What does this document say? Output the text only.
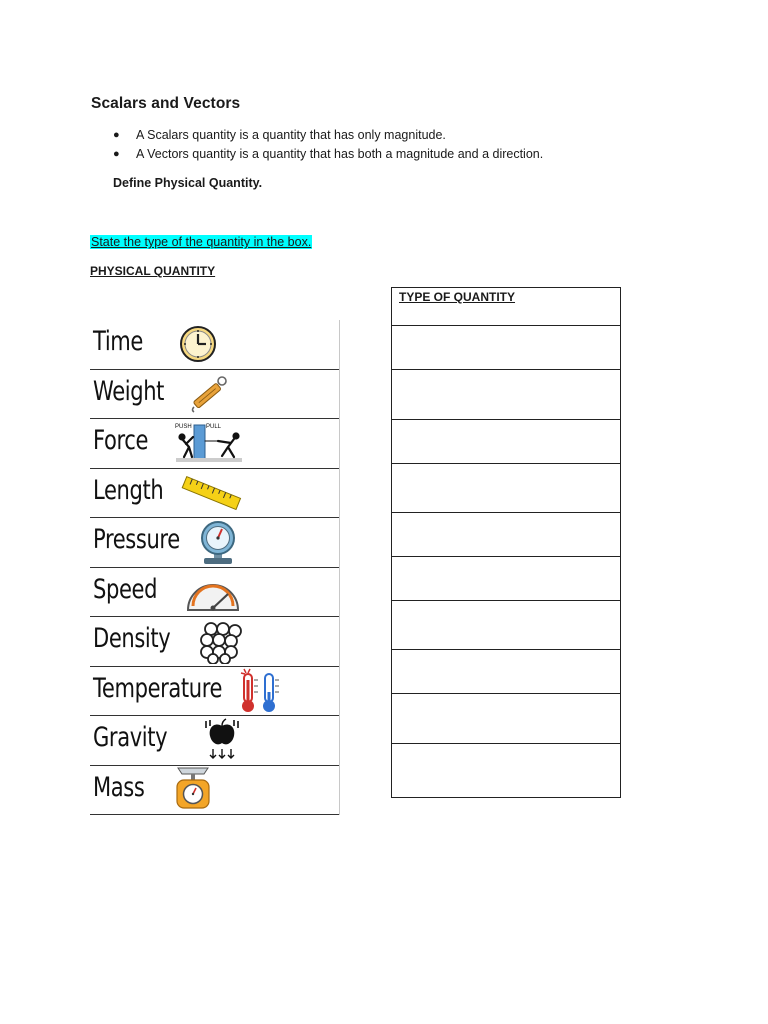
Scalars and Vectors
● A Scalars quantity is a quantity that has only magnitude.
● A Vectors quantity is a quantity that has both a magnitude and a direction.
Define Physical Quantity.
State the type of the quantity in the box.
PHYSICAL QUANTITY
Time
Weight
Force	PUSH PULL
Length
Pressure
Speed
Density
Temperature
Gravity
Mass
TYPE OF QUANTITY
